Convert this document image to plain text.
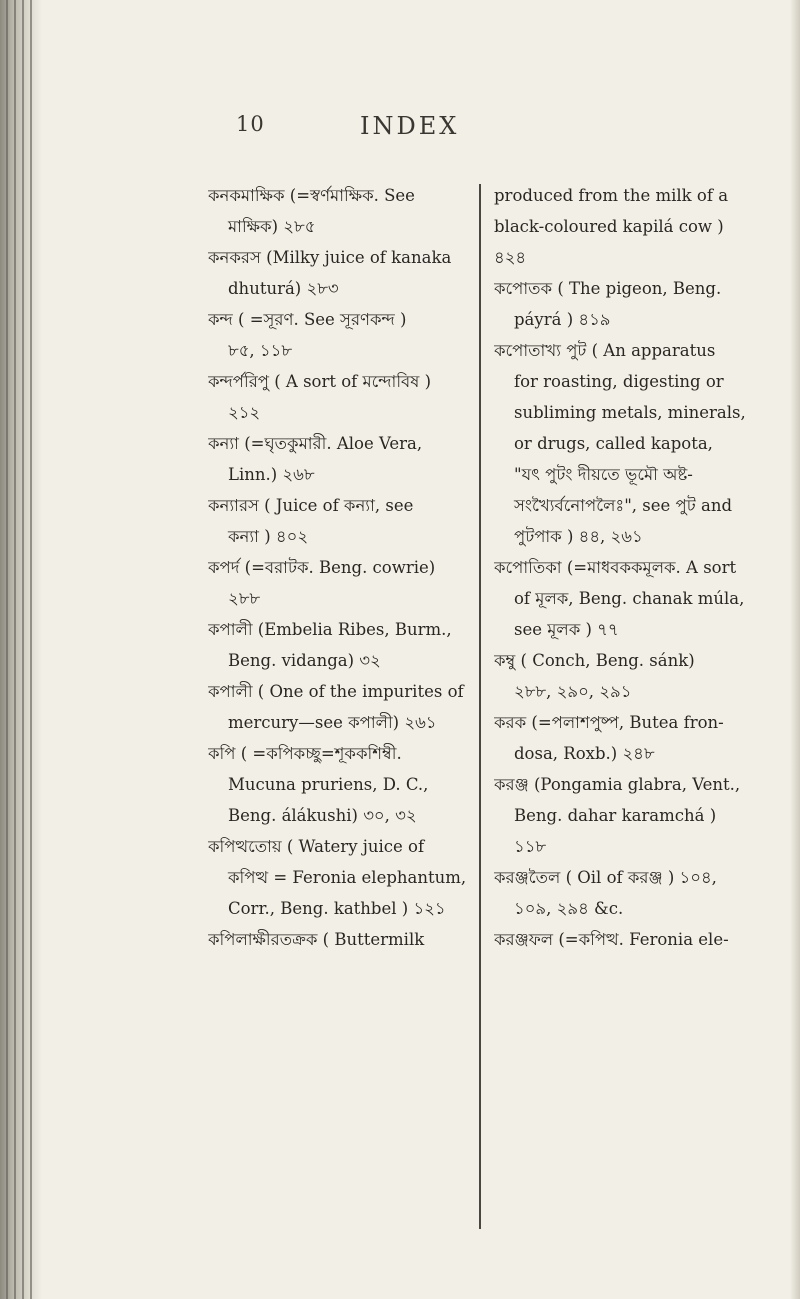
10	INDEX
কনকমাক্ষিক (=স্বর্ণমাক্ষিক. See
মাক্ষিক) ২৮৫
কনকরস (Milky juice of kanaka
dhuturá) ২৮৩
কন্দ ( =সূরণ. See সূরণকন্দ )
৮৫, ১১৮
কন্দৰ্পরিপু ( A sort of মন্দোবিষ )
২১২
কন্যা (=ঘৃতকুমারী. Aloe Vera,
Linn.) ২৬৮
কন্যারস ( Juice of কন্যা, see
কন্যা ) ৪০২
কপর্দ (=বরাটক. Beng. cowrie)
২৮৮
কপালী (Embelia Ribes, Burm.,
Beng. vidanga) ৩২
কপালী ( One of the impurites of
mercury—see কপালী) ২৬১
কপি ( =কপিকচ্ছু=শূককশিম্বী.
Mucuna pruriens, D. C.,
Beng. álákushi) ৩০, ৩২
কপিত্থতোয় ( Watery juice of
কপিত্থ = Feronia elephantum,
Corr., Beng. kathbel ) ১২১
কপিলাক্ষীরতক্রক ( Buttermilk
produced from the milk of a
black-coloured kapilá cow )
৪২৪
কপোতক ( The pigeon, Beng.
páyrá ) ৪১৯
কপোতাখ্য পুট ( An apparatus
for roasting, digesting or
subliming metals, minerals,
or drugs, called kapota,
"যৎ পুটং দীয়তে ভূমৌ অষ্ট-
সংখ্যৈর্বনোপলৈঃ", see পুট and
পুটপাক ) ৪৪, ২৬১
কপোতিকা (=মাধবককমূলক. A sort
of মূলক, Beng. chanak múla,
see মূলক ) ৭৭
কম্বু ( Conch, Beng. sánk)
২৮৮, ২৯০, ২৯১
করক (=পলাশপুষ্প, Butea fron-
dosa, Roxb.) ২৪৮
করঞ্জ (Pongamia glabra, Vent.,
Beng. dahar karamchá )
১১৮
করঞ্জতৈল ( Oil of করঞ্জ ) ১০৪,
১০৯, ২৯৪ &c.
করঞ্জফল (=কপিত্থ. Feronia ele-
